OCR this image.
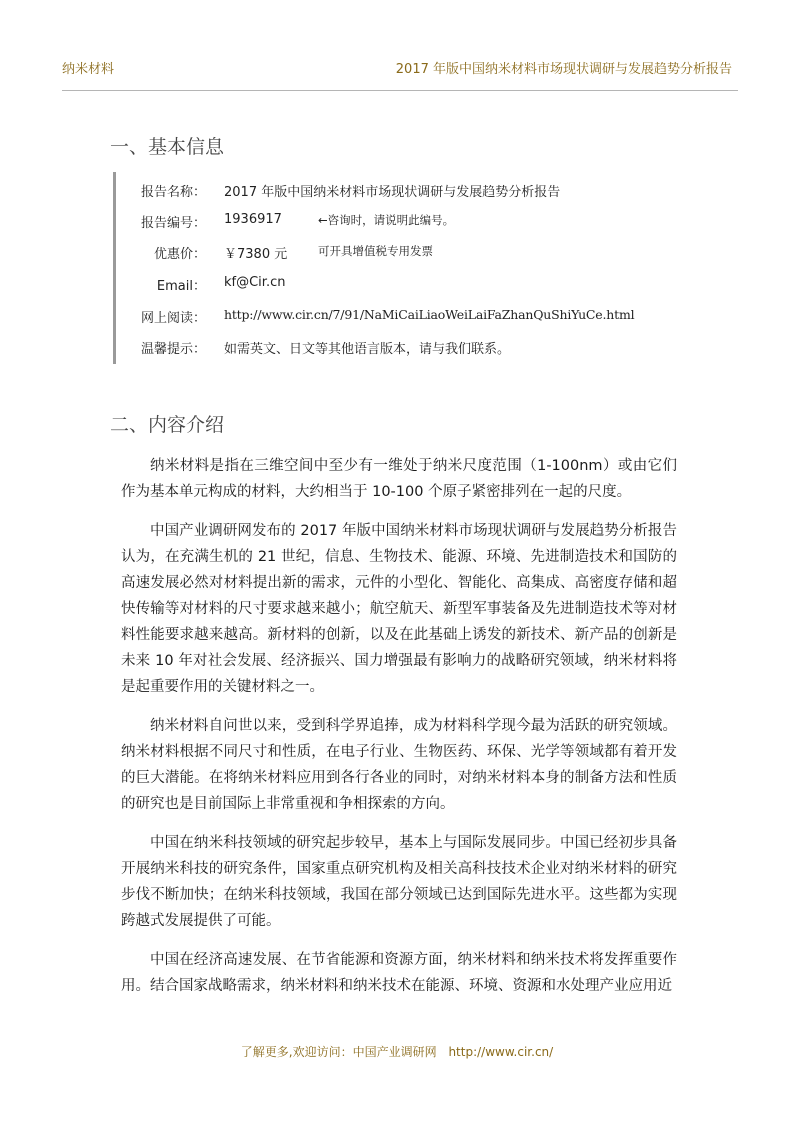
纳米材料	2017 年版中国纳米材料市场现状调研与发展趋势分析报告
一、基本信息
报告名称： 2017 年版中国纳米材料市场现状调研与发展趋势分析报告
报告编号： 1936917	←咨询时，请说明此编号。
优惠价： ￥7380 元	可开具增值税专用发票
Email： kf@Cir.cn
网上阅读： http://www.cir.cn/7/91/NaMiCaiLiaoWeiLaiFaZhanQuShiYuCe.html
温馨提示： 如需英文、日文等其他语言版本，请与我们联系。
二、内容介绍

纳米材料是指在三维空间中至少有一维处于纳米尺度范围（1-100nm）或由它们作为基本单元构成的材料，大约相当于 10-100 个原子紧密排列在一起的尺度。

中国产业调研网发布的 2017 年版中国纳米材料市场现状调研与发展趋势分析报告认为，在充满生机的 21 世纪，信息、生物技术、能源、环境、先进制造技术和国防的高速发展必然对材料提出新的需求，元件的小型化、智能化、高集成、高密度存储和超快传输等对材料的尺寸要求越来越小；航空航天、新型军事装备及先进制造技术等对材料性能要求越来越高。新材料的创新，以及在此基础上诱发的新技术、新产品的创新是未来 10 年对社会发展、经济振兴、国力增强最有影响力的战略研究领域，纳米材料将是起重要作用的关键材料之一。

纳米材料自问世以来，受到科学界追捧，成为材料科学现今最为活跃的研究领域。纳米材料根据不同尺寸和性质，在电子行业、生物医药、环保、光学等领域都有着开发的巨大潜能。在将纳米材料应用到各行各业的同时，对纳米材料本身的制备方法和性质的研究也是目前国际上非常重视和争相探索的方向。

中国在纳米科技领域的研究起步较早，基本上与国际发展同步。中国已经初步具备开展纳米科技的研究条件，国家重点研究机构及相关高科技技术企业对纳米材料的研究步伐不断加快；在纳米科技领域，我国在部分领域已达到国际先进水平。这些都为实现跨越式发展提供了可能。

中国在经济高速发展、在节省能源和资源方面，纳米材料和纳米技术将发挥重要作用。结合国家战略需求，纳米材料和纳米技术在能源、环境、资源和水处理产业应用近

了解更多,欢迎访问：中国产业调研网 http://www.cir.cn/
